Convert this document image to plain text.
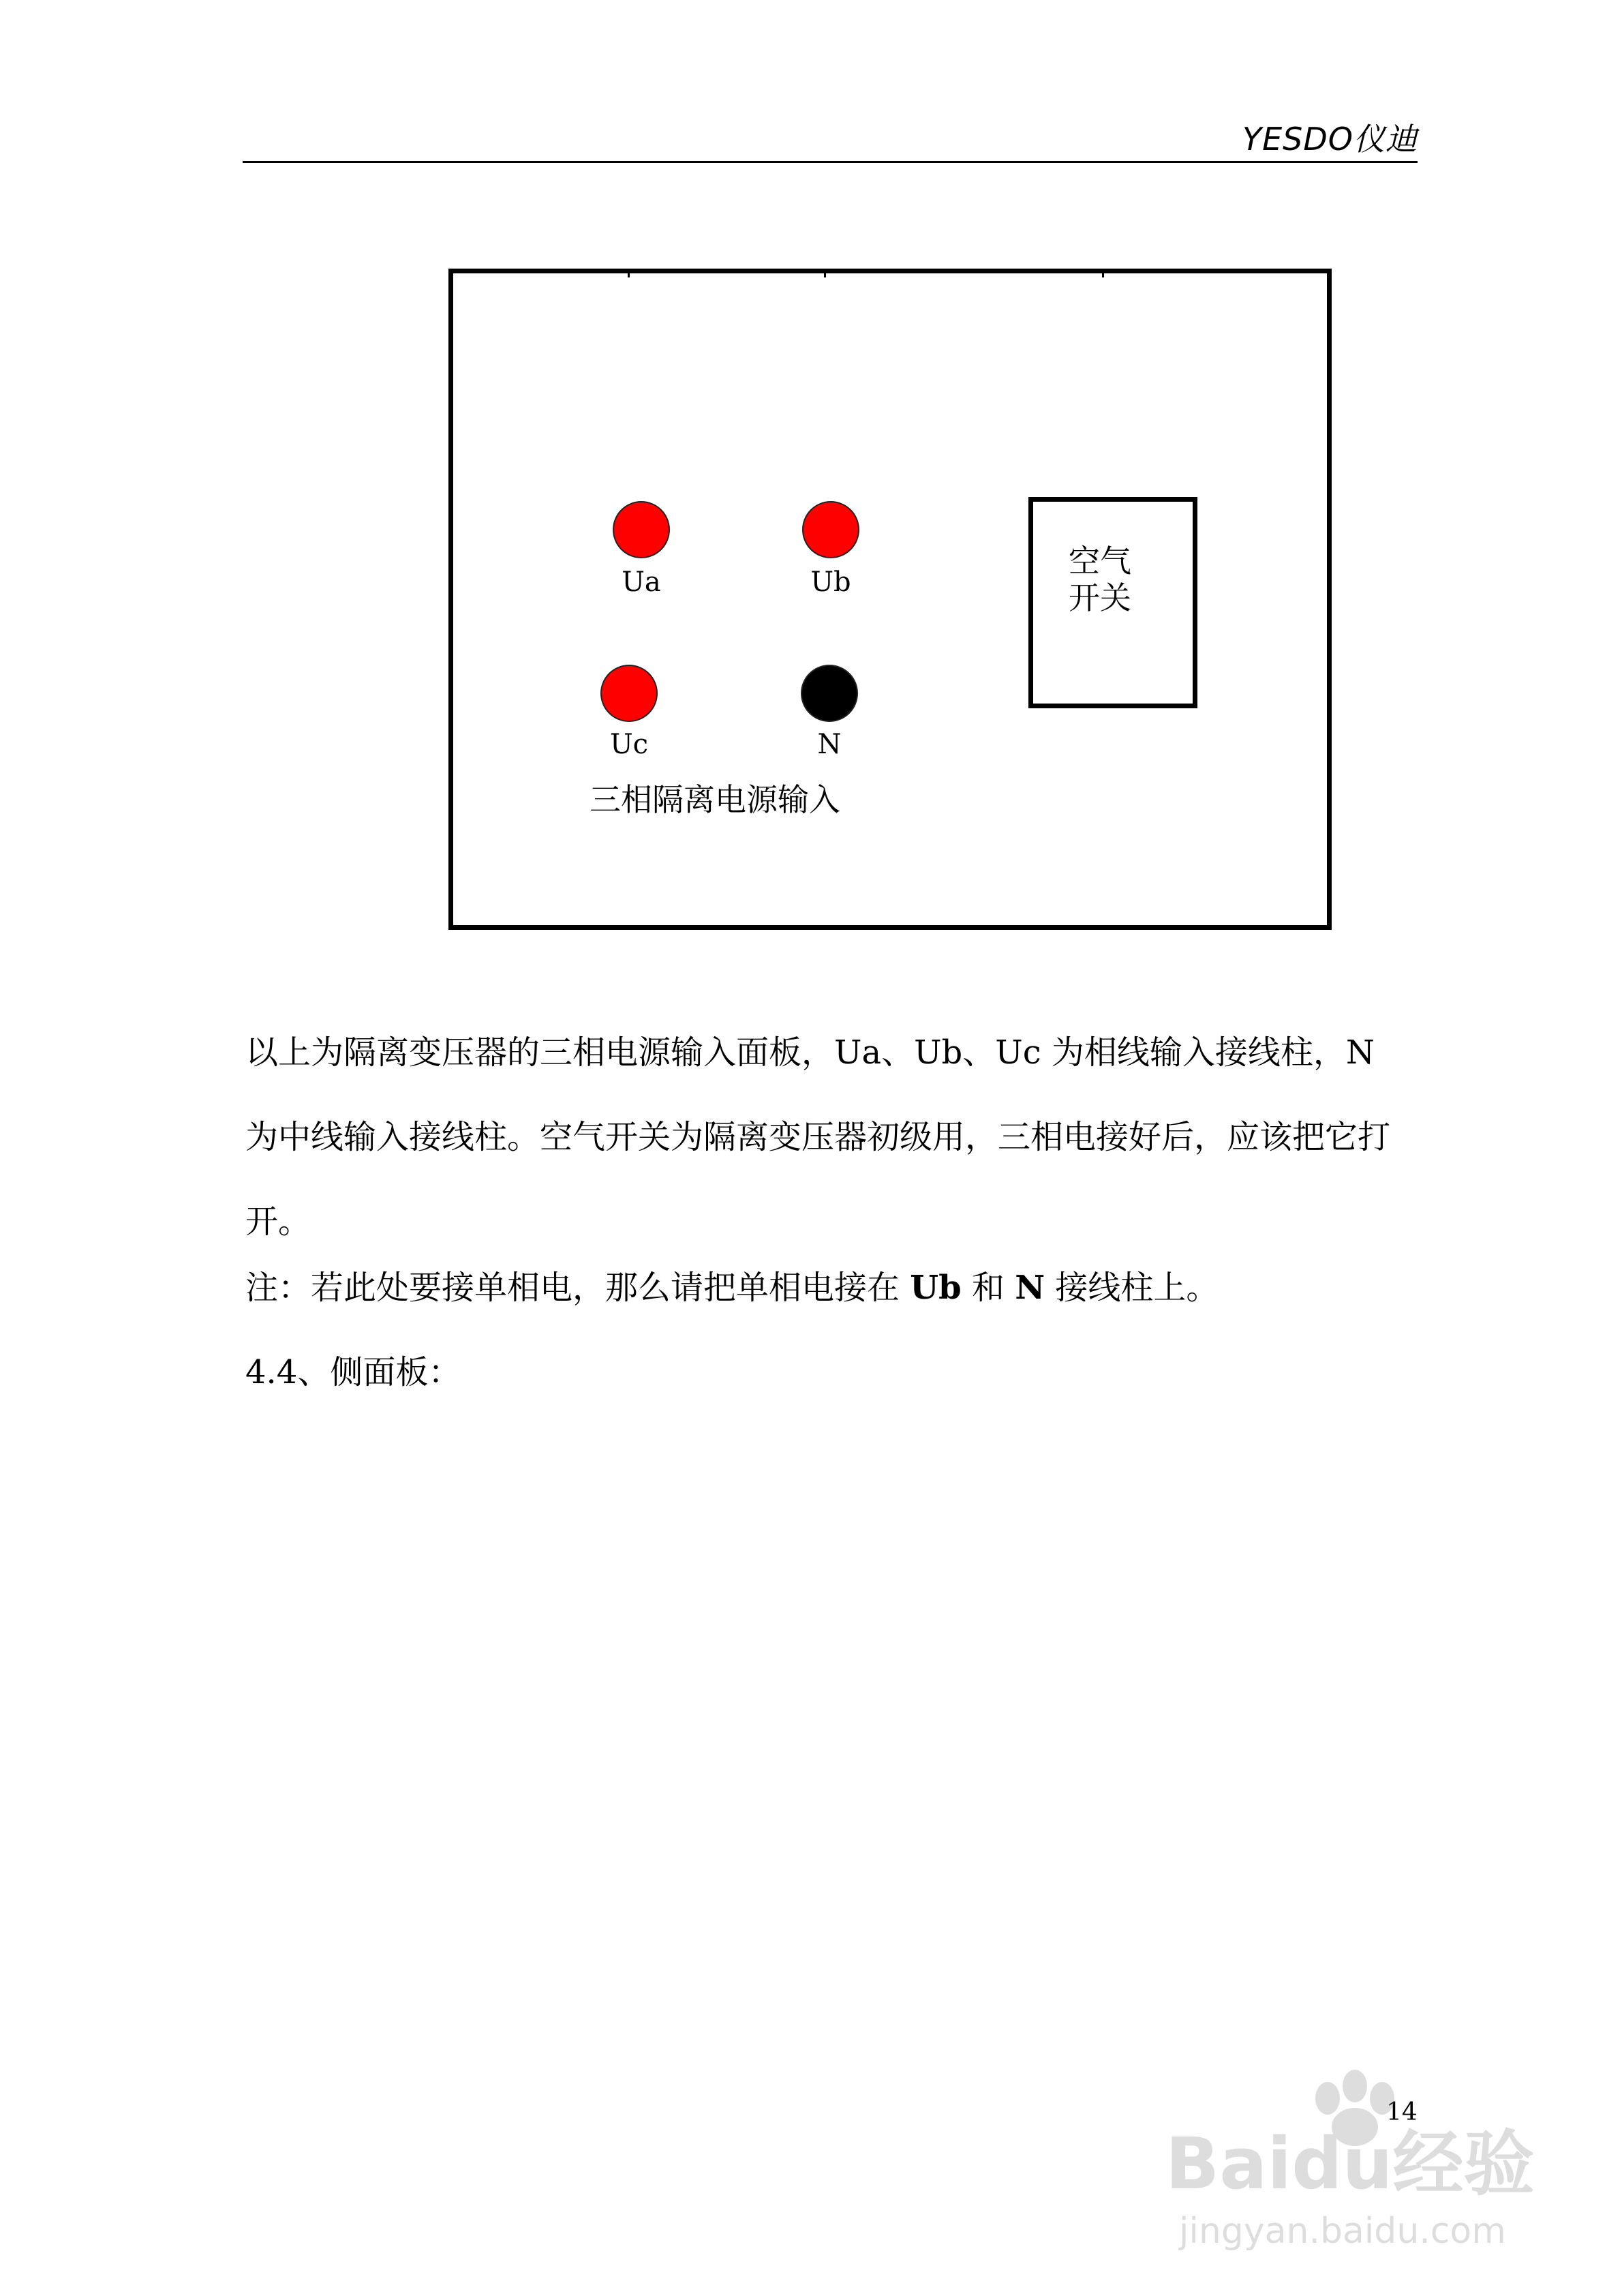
YESDO仪迪
Ua	Ub
Uc	N
三相隔离电源输入
空气
开关
以上为隔离变压器的三相电源输入面板，Ua、Ub、Uc 为相线输入接线柱，N 为中线输入接线柱。空气开关为隔离变压器初级用，三相电接好后，应该把它打开。
注：若此处要接单相电，那么请把单相电接在 Ub 和 N 接线柱上。
4.4、侧面板：
14
Baidu经验
jingyan.baidu.com
